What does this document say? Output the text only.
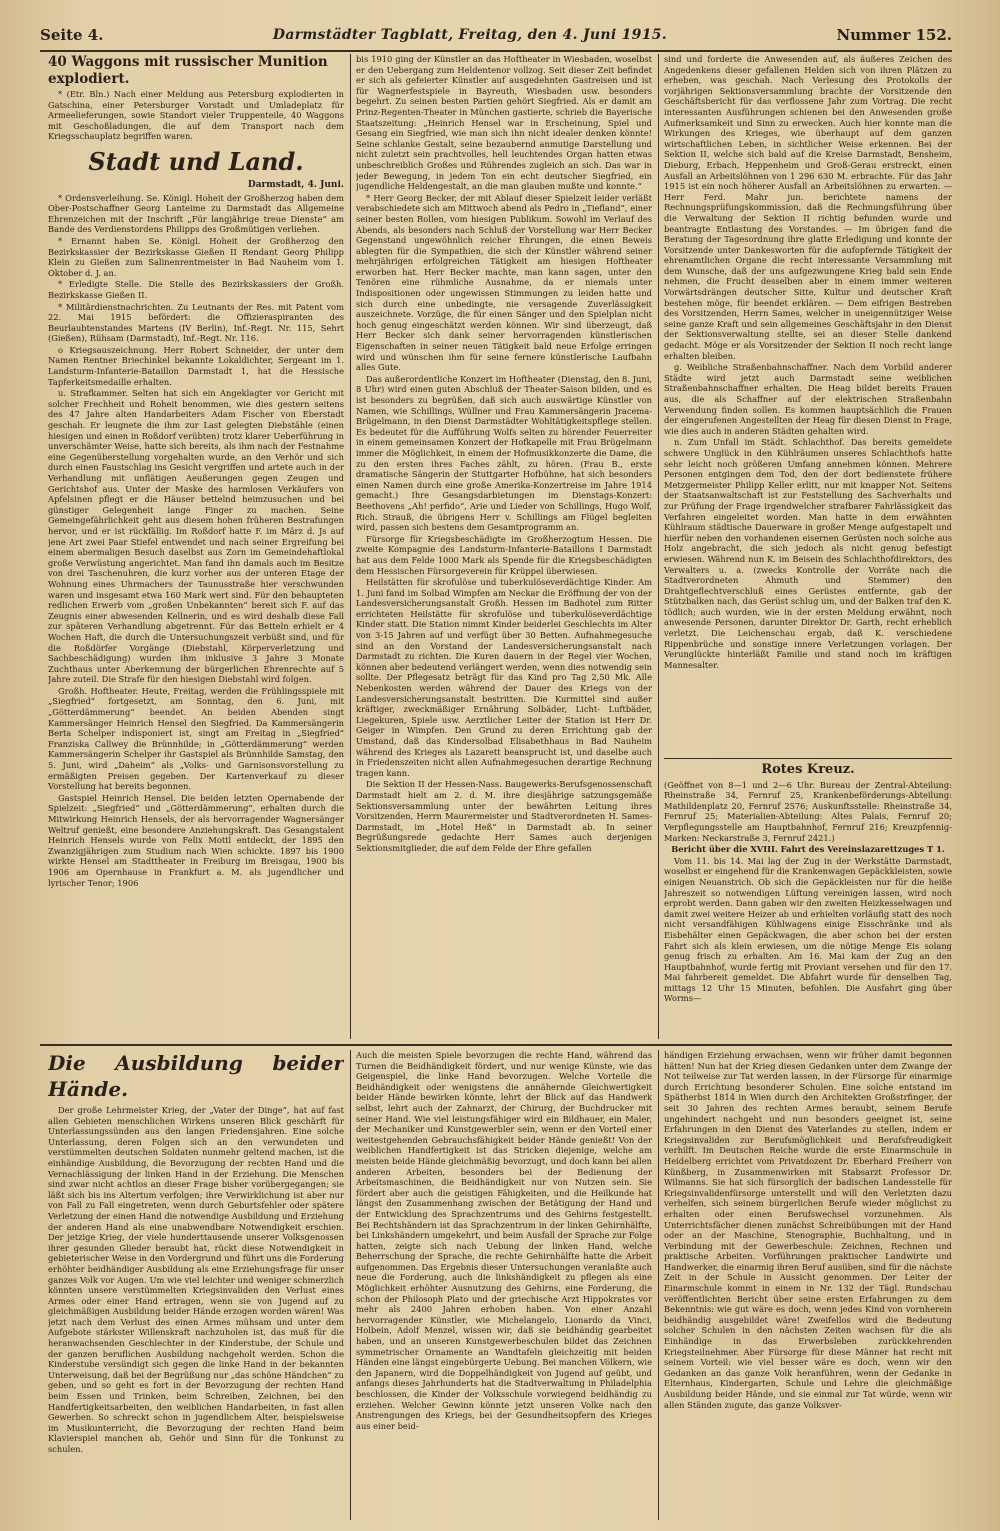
Seite 4.	Darmstädter Tagblatt, Freitag, den 4. Juni 1915.	Nummer 152.

40 Waggons mit russischer Munition explodiert.

* (Etr. Bln.) Nach einer Meldung aus Petersburg explodierten in Gatschina, einer Petersburger Vorstadt und Umladeplatz für Armeelieferungen, sowie Standort vieler Truppenteile, 40 Waggons mit Geschoßladungen, die auf dem Transport nach dem Kriegsschauplatz begriffen waren.

Stadt und Land.
Darmstadt, 4. Juni.

* Ordensverleihung. Se. Königl. Hoheit der Großherzog haben dem Ober-Postschaffner Georg Lanteime zu Darmstadt das Allgemeine Ehrenzeichen mit der Inschrift „Für langjährige treue Dienste“ am Bande des Verdienstordens Philipps des Großmütigen verliehen.

* Ernannt haben Se. Königl. Hoheit der Großherzog den Bezirkskassier der Bezirkskasse Gießen II Rendant Georg Philipp Klein zu Gießen zum Salinenrentmeister in Bad Nauheim vom 1. Oktober d. J. an.

* Erledigte Stelle. Die Stelle des Bezirkskassiers der Großh. Bezirkskasse Gießen II.

* Militärdienstnachrichten. Zu Leutnants der Res. mit Patent vom 22. Mai 1915 befördert: die Offizieraspiranten des Beurlaubtenstandes Martens (IV Berlin), Inf.-Regt. Nr. 115, Sehrt (Gießen), Rühsam (Darmstadt), Inf.-Regt. Nr. 116.

o Kriegsauszeichnung. Herr Robert Schneider, der unter dem Namen Rentner Briechinkel bekannte Lokaldichter, Sergeant im 1. Landsturm-Infanterie-Bataillon Darmstadt 1, hat die Hessische Tapferkeitsmedaille erhalten.

u. Strafkammer. Selten hat sich ein Angeklagter vor Gericht mit solcher Frechheit und Roheit benommen, wie dies gestern seitens des 47 Jahre alten Handarbeiters Adam Fischer von Eberstadt geschah. Er leugnete die ihm zur Last gelegten Diebstähle (einen hiesigen und einen in Roßdorf verübten) trotz klarer Ueberführung in unverschämter Weise, hatte sich bereits, als ihm nach der Festnahme eine Gegenüberstellung vorgehalten wurde, an den Verhör und sich durch einen Faustschlag ins Gesicht vergriffen und artete auch in der Verhandlung mit unflätigen Aeußerungen gegen Zeugen und Gerichtshof aus. Unter der Maske des harmlosen Verkäufers von Apfelsinen pflegt er die Häuser bettelnd heimzusuchen und bei günstiger Gelegenheit lange Finger zu machen. Seine Gemeingefährlichkeit geht aus diesem hohen früheren Bestrafungen hervor, und er ist rückfällig. Im Roßdorf hatte F. im März d. Js auf jene Art zwei Paar Stiefel entwendet und nach seiner Ergreifung bei einem abermaligen Besuch daselbst aus Zorn im Gemeindehaftlokal große Verwüstung angerichtet. Man fand ihn damals auch im Besitze von drei Taschenuhren, die kurz vorher aus der unteren Etage der Wohnung eines Uhrmachers der Taunusstraße hier verschwunden waren und insgesamt etwa 160 Mark wert sind. Für den behaupteten redlichen Erwerb vom „großen Unbekannten“ bereit sich F. auf das Zeugnis einer abwesenden Kellnerin, und es wird deshalb diese Fall zur späteren Verhandlung abgetrennt. Für das Betteln erhielt er 4 Wochen Haft, die durch die Untersuchungszeit verbüßt sind, und für die Roßdörfer Vorgänge (Diebstahl, Körperverletzung und Sachbeschädigung) wurden ihm inklusive 3 Jahre 3 Monate Zuchthaus unter Aberkennung der bürgerlichen Ehrenrechte auf 5 Jahre zuteil. Die Strafe für den hiesigen Diebstahl wird folgen.

Großh. Hoftheater. Heute, Freitag, werden die Frühlingsspiele mit „Siegfried“ fortgesetzt, am Sonntag, den 6. Juni, mit „Götterdämmerung“ beendet. An beiden Abenden singt Kammersänger Heinrich Hensel den Siegfried. Da Kammersängerin Berta Schelper indisponiert ist, singt am Freitag in „Siegfried“ Franziska Callwey die Brünnhilde; in „Götterdämmerung“ werden Kammersängerin Schelper ihr Gastspiel als Brünnhilde Samstag, den 5. Juni, wird „Daheim“ als „Volks- und Garnisonsvorstellung zu ermäßigten Preisen gegeben. Der Kartenverkauf zu dieser Vorstellung hat bereits begonnen.

Gastspiel Heinrich Hensel. Die beiden letzten Opernabende der Spielzeit: „Siegfried“ und „Götterdämmerung“, erhalten durch die Mitwirkung Heinrich Hensels, der als hervorragender Wagnersänger Weltruf genießt, eine besondere Anziehungskraft. Das Gesangstalent Heinrich Hensels wurde von Felix Mottl entdeckt, der 1895 den Zwanzigjährigen zum Studium nach Wien schickte. 1897 bis 1900 wirkte Hensel am Stadttheater in Freiburg im Breisgau, 1900 bis 1906 am Opernhause in Frankfurt a. M. als jugendlicher und lyrischer Tenor; 1906

bis 1910 ging der Künstler an das Hoftheater in Wiesbaden, woselbst er den Uebergang zum Heldentenor vollzog. Seit dieser Zeit befindet er sich als gefeierter Künstler auf ausgedehnten Gastreisen und ist für Wagnerfestspiele in Bayreuth, Wiesbaden usw. besonders begehrt. Zu seinen besten Partien gehört Siegfried. Als er damit am Prinz-Regenten-Theater in München gastierte, schrieb die Bayerische Staatszeitung: „Heinrich Hensel war in Erscheinung, Spiel und Gesang ein Siegfried, wie man sich ihn nicht idealer denken könnte! Seine schlanke Gestalt, seine bezaubernd anmutige Darstellung und nicht zuletzt sein prachtvolles, hell leuchtendes Organ hatten etwas unbeschreiblich Großes und Rührendes zugleich an sich. Das war in jeder Bewegung, in jedem Ton ein echt deutscher Siegfried, ein jugendliche Heldengestalt, an die man glauben mußte und konnte.“

* Herr Georg Becker, der mit Ablauf dieser Spielzeit leider verläßt verabschiedete sich am Mittwoch abend als Pedro in „Tiefland“, einer seiner besten Rollen, vom hiesigen Publikum. Sowohl im Verlauf des Abends, als besonders nach Schluß der Vorstellung war Herr Becker Gegenstand ungewöhnlich reicher Ehrungen, die einen Beweis ablegten für die Sympathien, die sich der Künstler während seiner mehrjährigen erfolgreichen Tätigkeit am hiesigen Hoftheater erworben hat. Herr Becker machte, man kann sagen, unter den Tenören eine rühmliche Ausnahme, da er niemals unter Indispositionen oder ungewissen Stimmungen zu leiden hatte und sich durch eine unbedingte, nie versagende Zuverlässigkeit auszeichnete. Vorzüge, die für einen Sänger und den Spielplan nicht hoch genug eingeschätzt werden können. Wir sind überzeugt, daß Herr Becker sich dank seiner hervorragenden künstlerischen Eigenschaften in seiner neuen Tätigkeit bald neue Erfolge erringen wird und wünschen ihm für seine fernere künstlerische Laufbahn alles Gute.

Das außerordentliche Konzert im Hoftheater (Dienstag, den 8. Juni, 8 Uhr) wird einen guten Abschluß der Theater-Saison bilden, und es ist besonders zu begrüßen, daß sich auch auswärtige Künstler von Namen, wie Schillings, Wüllner und Frau Kammersängerin Jracema-Brügelmann, in den Dienst Darmstädter Wohltätigkeitspflege stellen. Es bedeutet für die Aufführung Wolfs selten zu hörender Feuerreiter in einem gemeinsamen Konzert der Hofkapelle mit Frau Brügelmann immer die Möglichkeit, in einem der Hofmusikkonzerte die Dame, die zu den ersten ihres Faches zählt, zu hören. (Frau B., erste dramatische Sängerin der Stuttgarter Hofbühne, hat sich besonders einen Namen durch eine große Amerika-Konzertreise im Jahre 1914 gemacht.) Ihre Gesangsdarbietungen im Dienstags-Konzert: Beethovens „Ah! perfido“, Arie und Lieder von Schillings, Hugo Wolf, Rich. Strauß, die übrigens Herr v. Schillings am Flügel begleiten wird, passen sich bestens dem Gesamtprogramm an.

Fürsorge für Kriegsbeschädigte im Großherzogtum Hessen. Die zweite Kompagnie des Landsturm-Infanterie-Bataillons I Darmstadt hat aus dem Felde 1000 Mark als Spende für die Kriegsbeschädigten dem Hessischen Fürsorgeverein für Krüppel überwiesen.

Heilstätten für skrofulöse und tuberkulöseverdächtige Kinder. Am 1. Juni fand im Solbad Wimpfen am Neckar die Eröffnung der von der Landesversicherungsanstalt Großh. Hessen im Badhotel zum Ritter errichteten Heilstätte für skrofulöse und tuberkulöseverdächtige Kinder statt. Die Station nimmt Kinder beiderlei Geschlechts im Alter von 3-15 Jahren auf und verfügt über 30 Betten. Aufnahmegesuche sind an den Vorstand der Landesversicherungsanstalt nach Darmstadt zu richten. Die Kuren dauern in der Regel vier Wochen, können aber bedeutend verlängert werden, wenn dies notwendig sein sollte. Der Pflegesatz beträgt für das Kind pro Tag 2,50 Mk. Alle Nebenkosten werden während der Dauer des Kriegs von der Landesversicherungsanstalt bestritten. Die Kurmittel sind außer kräftiger, zweckmäßiger Ernährung Solbäder, Licht- Luftbäder, Liegekuren, Spiele usw. Aerztlicher Leiter der Station ist Herr Dr. Geiger in Wimpfen. Den Grund zu deren Errichtung gab der Umstand, daß das Kindersolbad Elisabethhaus in Bad Nauheim während des Krieges als Lazarett beansprucht ist, und daselbe auch in Friedenszeiten nicht allen Aufnahmegesuchen derartige Rechnung tragen kann.

Die Sektion II der Hessen-Nass. Baugewerks-Berufsgenossenschaft Darmstadt hielt am 2. d. M. ihre diesjährige satzungsgemäße Sektionsversammlung unter der bewährten Leitung ihres Vorsitzenden, Herrn Maurermeister und Stadtverordneten H. Sames-Darmstadt, im „Hotel Heß“ in Darmstadt ab. In seiner Begrüßungsrede gedachte Herr Sames auch derjenigen Sektionsmitglieder, die auf dem Felde der Ehre gefallen

sind und forderte die Anwesenden auf, als äußeres Zeichen des Angedenkens dieser gefallenen Helden sich von ihren Plätzen zu erheben, was geschah. Nach Verlesung des Protokolls der vorjährigen Sektionsversammlung brachte der Vorsitzende den Geschäftsbericht für das verflossene Jahr zum Vortrag. Die recht interessanten Ausführungen schienen bei den Anwesenden große Aufmerksamkeit und Sinn zu erwecken. Auch hier konnte man die Wirkungen des Krieges, wie überhaupt auf dem ganzen wirtschaftlichen Leben, in sichtlicher Weise erkennen. Bei der Sektion II, welche sich bald auf die Kreise Darmstadt, Bensheim, Dieburg, Erbach, Heppenheim und Groß-Gerau erstreckt, einen Ausfall an Arbeitslöhnen von 1 296 630 M. erbrachte. Für das Jahr 1915 ist ein noch höherer Ausfall an Arbeitslöhnen zu erwarten. — Herr Ferd. Mahr jun. berichtete namens der Rechnungsprüfungskommission, daß die Rechnungsführung über die Verwaltung der Sektion II richtig befunden wurde und beantragte Entlastung des Vorstandes. — Im übrigen fand die Beratung der Tagesordnung ihre glatte Erledigung und konnte der Vorsitzende unter Dankesworten für die aufopfernde Tätigkeit der ehrenamtlichen Organe die recht interessante Versammlung mit dem Wunsche, daß der uns aufgezwungene Krieg bald sein Ende nehmen, die Frucht desselben aber in einem immer weiteren Vorwärtsdrängen deutscher Sitte, Kultur und deutscher Kraft bestehen möge, für beendet erklären. — Dem eifrigen Bestreben des Vorsitzenden, Herrn Sames, welcher in uneigennütziger Weise seine ganze Kraft und sein allgemeines Geschäftsjahr in den Dienst der Sektionsverwaltung stellte, sei an dieser Stelle dankend gedacht. Möge er als Vorsitzender der Sektion II noch recht lange erhalten bleiben.

g. Weibliche Straßenbahnschaffner. Nach dem Vorbild anderer Städte wird jetzt auch Darmstadt seine weiblichen Straßenbahnschaffner erhalten. Die Heag bildet bereits Frauen aus, die als Schaffner auf der elektrischen Straßenbahn Verwendung finden sollen. Es kommen hauptsächlich die Frauen der eingerufenen Angestellten der Heag für diesen Dienst in Frage, wie dies auch in anderen Städten gehalten wird.

n. Zum Unfall im Städt. Schlachthof. Das bereits gemeldete schwere Unglück in den Kühlräumen unseres Schlachthofs hatte sehr leicht noch größeren Umfang annehmen können. Mehrere Personen entgingen dem Tod, den der dort bedienstete frühere Metzgermeister Philipp Keller erlitt, nur mit knapper Not. Seitens der Staatsanwaltschaft ist zur Feststellung des Sachverhalts und zur Prüfung der Frage irgendwelcher strafbarer Fahrlässigkeit das Verfahren eingeleitet worden. Man hatte in dem erwähnten Kühlraum städtische Dauerware in großer Menge aufgestapelt und hierfür neben den vorhandenen eisernen Gerüsten noch solche aus Holz angebracht, die sich jedoch als nicht genug befestigt erwiesen. Während nun K. im Beisein des Schlachthofdirektors, des Verwalters u. a. (zwecks Kontrolle der Vorräte nach die Stadtverordneten Ahmuth und Stemmer) den Drahtgeflechtverschluß eines Gerüstes entfernte, gab der Stützbalken nach, das Gerüst schlug um, und der Balken traf den K. tödlich; auch wurden, wie in der ersten Meldung erwähnt, noch anwesende Personen, darunter Direktor Dr. Garth, recht erheblich verletzt. Die Leichenschau ergab, daß K. verschiedene Rippenbrüche und sonstige innere Verletzungen vorlagen. Der Verunglückte hinterläßt Familie und stand noch im kräftigen Mannesalter.

Rotes Kreuz.

(Geöffnet von 8—1 und 2—6 Uhr. Bureau der Zentral-Abteilung: Rheinstraße 34, Fernruf 25, Krankenbeförderungs-Abteilung: Mathildenplatz 20, Fernruf 2576; Auskunftsstelle: Rheinstraße 34, Fernruf 25; Materialien-Abteilung: Altes Palais, Fernruf 20; Verpflegungsstelle am Hauptbahnhof, Fernruf 216; Kreuzpfennig-Marken: Neckarstraße 3, Fernruf 2421.)

Bericht über die XVIII. Fahrt des Vereinslazarettzuges T 1.

Vom 11. bis 14. Mai lag der Zug in der Werkstätte Darmstadt, woselbst er eingehend für die Krankenwagen Gepäckkleisten, sowie einigen Neuanstrich. Ob sich die Gepäckleisten nur für die heiße Jahreszeit so notwendigen Lüftung vereinigen lassen, wird noch erprobt werden. Dann gaben wir den zweiten Heizkesselwagen und damit zwei weitere Heizer ab und erhielten vorläufig statt des noch nicht versandfähigen Kühlwagens einige Eisschränke und als Eisbehälter einen Gepäckwagen, die aber schon bei der ersten Fahrt sich als klein erwiesen, um die nötige Menge Eis solang genug frisch zu erhalten. Am 16. Mai kam der Zug an den Hauptbahnhof, wurde fertig mit Proviant versehen und für den 17. Mai fahrbereit gemeldet. Die Abfahrt wurde für denselben Tag, mittags 12 Uhr 15 Minuten, befohlen. Die Ausfahrt ging über Worms—

Die Ausbildung beider Hände.

Der große Lehrmeister Krieg, der „Vater der Dinge“, hat auf fast allen Gebieten menschlichen Wirkens unseren Blick geschärft für Unterlassungssünden aus den langen Friedensjahren. Eine solche Unterlassung, deren Folgen sich an den verwundeten und verstümmelten deutschen Soldaten nunmehr geltend machen, ist die einhändige Ausbildung, die Bevorzugung der rechten Hand und die Vernachlässigung der linken Hand in der Erziehung. Die Menschen sind zwar nicht achtlos an dieser Frage bisher vorübergegangen; sie läßt sich bis ins Altertum verfolgen; ihre Verwirklichung ist aber nur von Fall zu Fall eingetreten, wenn durch Geburtsfehler oder spätere Verletzung der einen Hand die notwendige Ausbildung und Erziehung der anderen Hand als eine unabwendbare Notwendigkeit erschien. Der jetzige Krieg, der viele hunderttausende unserer Volksgenossen ihrer gesunden Glieder beraubt hat, rückt diese Notwendigkeit in gebieterischer Weise in den Vordergrund und führt uns die Forderung erhöhter beidhändiger Ausbildung als eine Erziehungsfrage für unser ganzes Volk vor Augen. Um wie viel leichter und weniger schmerzlich könnten unsere verstümmelten Kriegsinvaliden den Verlust eines Armes oder einer Hand ertragen, wenn sie von Jugend auf zu gleichmäßigen Ausbildung beider Hände erzogen worden wären! Was jetzt nach dem Verlust des einen Armes mühsam und unter dem Aufgebote stärkster Willenskraft nachzuholen ist, das muß für die heranwachsenden Geschlechter in der Kinderstube, der Schule und der ganzen beruflichen Ausbildung nachgeholt werden. Schon die Kinderstube versündigt sich gegen die linke Hand in der bekannten Unterweisung, daß bei der Begrüßung nur „das schöne Händchen“ zu geben, und so geht es fort in der Bevorzugung der rechten Hand beim Essen und Trinken, beim Schreiben, Zeichnen, bei den Handfertigkeitsarbeiten, den weiblichen Handarbeiten, in fast allen Gewerben. So schreckt schon in jugendlichem Alter, beispielsweise im Musikunterricht, die Bevorzugung der rechten Hand beim Klavierspiel manchen ab, Gehör und Sinn für die Tonkunst zu schulen.

Auch die meisten Spiele bevorzugen die rechte Hand, während das Turnen die Beidhändigkeit fördert, und nur wenige Künste, wie das Geigenspiel, die linke Hand bevorzugen. Welche Vorteile die Beidhändigkeit oder wenigstens die annähernde Gleichwertigkeit beider Hände bewirken könnte, lehrt der Blick auf das Handwerk selbst, lehrt auch der Zahnarzt, der Chirurg, der Buchdrucker mit seiner Hand. Wie viel leistungsfähiger wird ein Bildhauer, ein Maler, der Mechaniker und Kunstgewerbler sein, wenn er den Vorteil einer weitestgehenden Gebrauchsfähigkeit beider Hände genießt! Von der weiblichen Handfertigkeit ist das Stricken diejenige, welche am meisten beide Hände gleichmäßig bevorzugt, und doch kann bei allen anderen Arbeiten, besonders bei der Bedienung der Arbeitsmaschinen, die Beidhändigkeit nur von Nutzen sein. Sie fördert aber auch die geistigen Fähigkeiten, und die Heilkunde hat längst den Zusammenhang zwischen der Betätigung der Hand und der Entwicklung des Sprachzentrums und des Gehirns festgestellt. Bei Rechtshändern ist das Sprachzentrum in der linken Gehirnhälfte, bei Linkshändern umgekehrt, und beim Ausfall der Sprache zur Folge hatten, zeigte sich nach Uebung der linken Hand, welche Beherrschung der Sprache, die rechte Gehirnhälfte hatte die Arbeit aufgenommen. Das Ergebnis dieser Untersuchungen veranlaßte auch neue die Forderung, auch die linkshändigkeit zu pflegen als eine Möglichkeit erhöhter Ausnutzung des Gehirns, eine Forderung, die schon der Philosoph Plato und der griechische Arzt Hippokrates vor mehr als 2400 Jahren erhoben haben. Von einer Anzahl hervorragender Künstler, wie Michelangelo, Lionardo da Vinci, Holbein, Adolf Menzel, wissen wir, daß sie beidhändig gearbeitet haben, und an unseren Kunstgewerbeschulen bildet das Zeichnen symmetrischer Ornamente an Wandtafeln gleichzeitig mit beiden Händen eine längst eingebürgerte Uebung. Bei manchen Völkern, wie den Japanern, wird die Doppelhändigkeit von Jugend auf geübt, und anfangs dieses Jahrhunderts hat die Stadtverwaltung in Philadelphia beschlossen, die Kinder der Volksschule vorwiegend beidhändig zu erziehen. Welcher Gewinn könnte jetzt unseren Volke nach den Anstrengungen des Kriegs, bei der Gesundheitsopfern des Krieges aus einer beid-

händigen Erziehung erwachsen, wenn wir früher damit begonnen hätten! Nun hat der Krieg diesen Gedanken unter dem Zwange der Not teilweise zur Tat werden lassen, in der Fürsorge für einarmige durch Errichtung besonderer Schulen. Eine solche entstand im Spätherbst 1814 in Wien durch den Architekten Großstrfinger, der seit 30 Jahren des rechten Armes beraubt, seinem Berufe ungehindert nachgeht und nun besonders geeignet ist, seine Erfahrungen in den Dienst des Vaterlandes zu stellen, indem er Kriegsinvaliden zur Berufsmöglichkeit und Berufsfreudigkeit verhilft. Im Deutschen Reiche wurde die erste Einarmschule in Heidelberg errichtet vom Privatdozent Dr. Eberhard Freiherr von Künßberg, in Zusammenwirken mit Stabsarzt Professor Dr. Wilmanns. Sie hat sich fürsorglich der badischen Landesstelle für Kriegsinvalidenfürsorge unterstellt und will den Verletzten dazu verhelfen, sich seinem bürgerlichen Berufe wieder möglichst zu erhalten oder einen Berufswechsel vorzunehmen. Als Unterrichtsfächer dienen zunächst Schreibübungen mit der Hand oder an der Maschine, Stenographie, Buchhaltung, und in Verbindung mit der Gewerbeschule: Zeichnen, Rechnen und praktische Arbeiten. Vorführungen praktischer Landwirte und Handwerker, die einarmig ihren Beruf ausüben, sind für die nächste Zeit in der Schule in Aussicht genommen. Der Leiter der Einarmschule kommt in einem in Nr. 132 der Tägl. Rundschau veröffentlichten Bericht über seine ersten Erfahrungen zu dem Bekenntnis: wie gut wäre es doch, wenn jedes Kind von vornherein beidhändig ausgebildet wäre! Zweifellos wird die Bedeutung solcher Schulen in den nächsten Zeiten wachsen für die als Einhändige in das Erwerbsleben zurückkehrenden Kriegsteilnehmer. Aber Fürsorge für diese Männer hat recht mit seinem Vorteil: wie viel besser wäre es doch, wenn wir den Gedanken an das ganze Volk heranführen, wenn der Gedanke in Elternhaus, Kindergarten, Schule und Lehre die gleichmäßige Ausbildung beider Hände, und sie einmal zur Tat würde, wenn wir allen Ständen zugute, das ganze Volksver-
